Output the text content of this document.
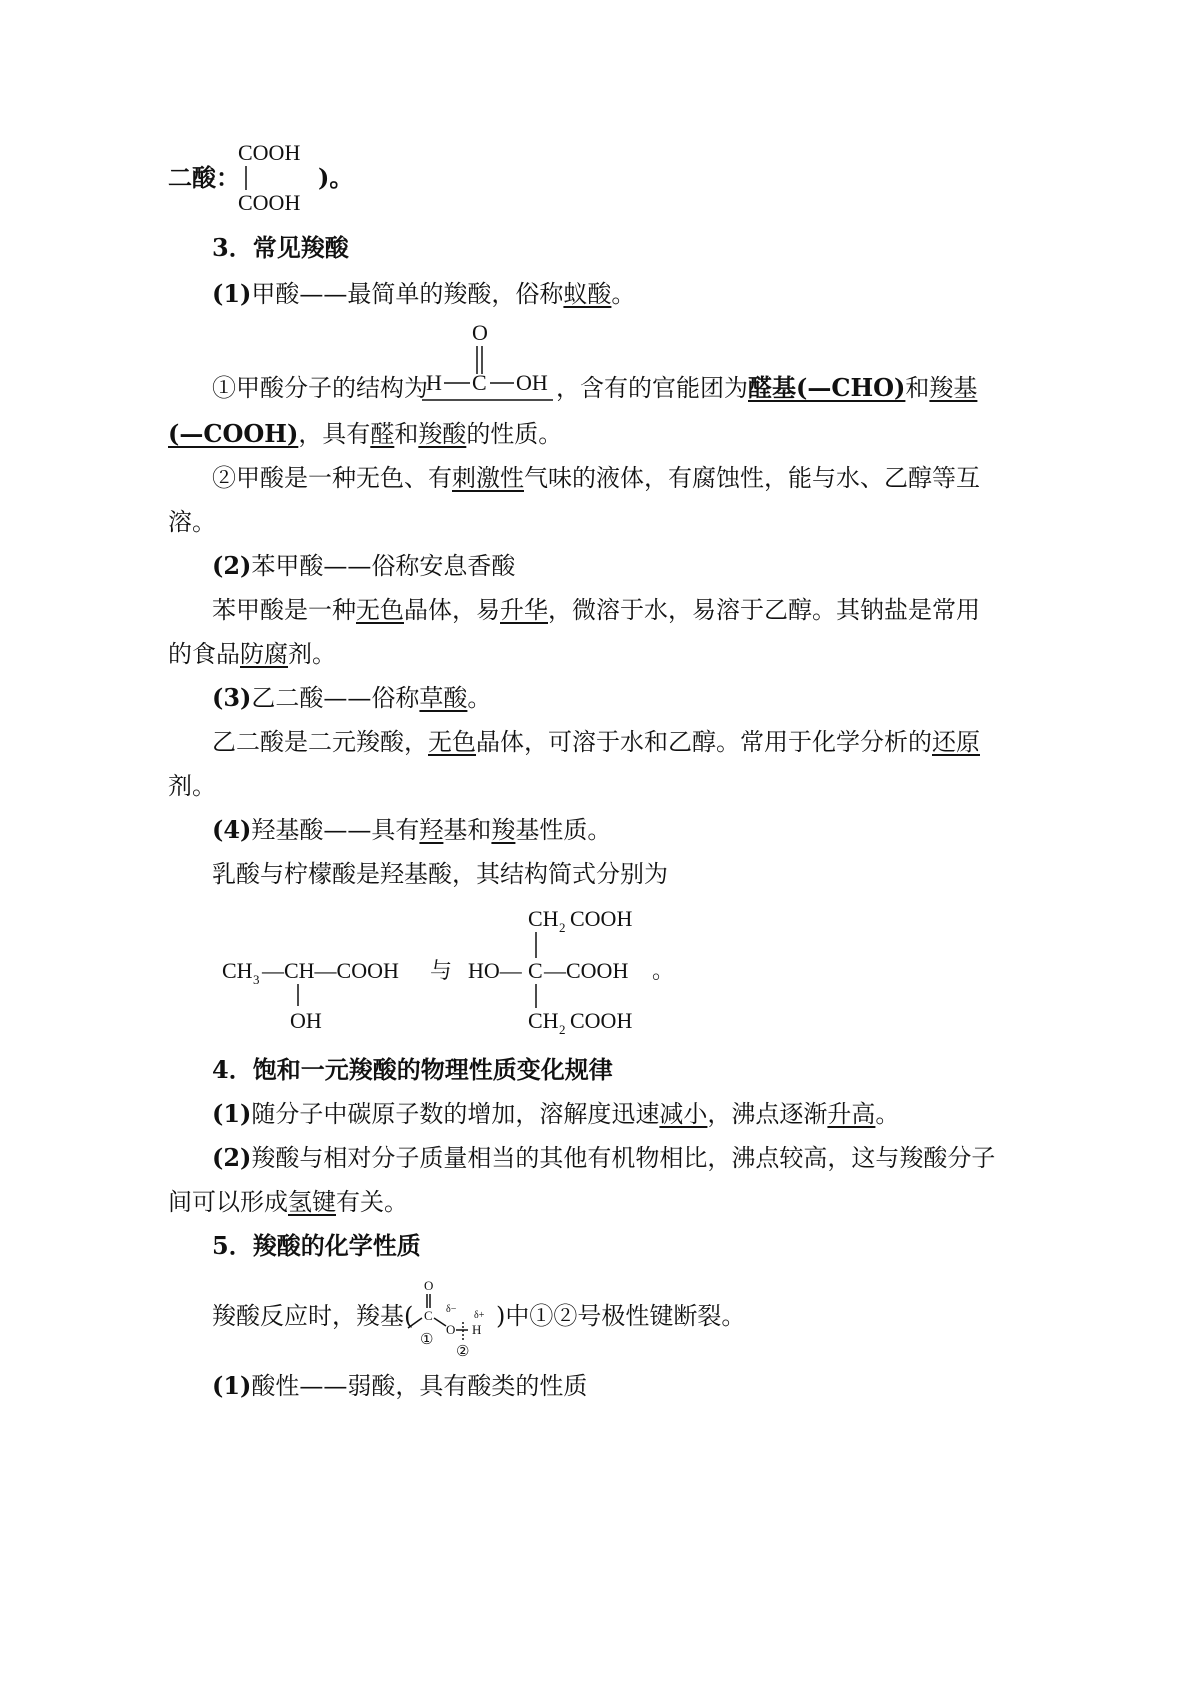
二酸：
COOH
COOH
)。
3．常见羧酸
(1)甲酸——最简单的羧酸，俗称蚁酸。
①甲酸分子的结构为
O
H C OH ，含有的官能团为醛基(—CHO)和羧基
(—COOH)，具有醛和羧酸的性质。
②甲酸是一种无色、有刺激性气味的液体，有腐蚀性，能与水、乙醇等互
溶。
(2)苯甲酸——俗称安息香酸
苯甲酸是一种无色晶体，易升华，微溶于水，易溶于乙醇。其钠盐是常用
的食品防腐剂。
(3)乙二酸——俗称草酸。
乙二酸是二元羧酸，无色晶体，可溶于水和乙醇。常用于化学分析的还原
剂。
(4)羟基酸——具有羟基和羧基性质。
乳酸与柠檬酸是羟基酸，其结构简式分别为
CH 3 —CH—COOH
OH
与
CH 2 COOH
HO— C —COOH
CH 2 COOH
。
4．饱和一元羧酸的物理性质变化规律
(1)随分子中碳原子数的增加，溶解度迅速减小，沸点逐渐升高。
(2)羧酸与相对分子质量相当的其他有机物相比，沸点较高，这与羧酸分子
间可以形成氢键有关。
5．羧酸的化学性质
羧酸反应时，羧基(
O
C
O H
δ−
δ+
①
②
)中①②号极性键断裂。
(1)酸性——弱酸，具有酸类的性质
